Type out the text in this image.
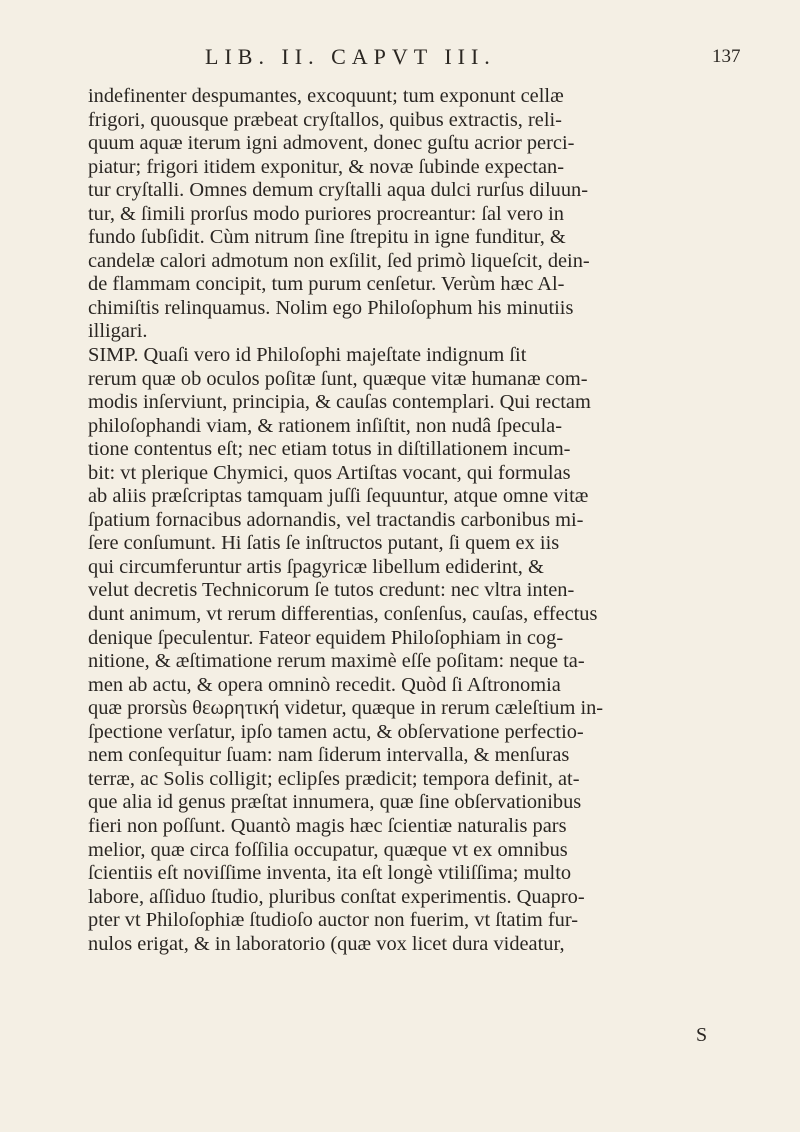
LIB. II. CAPVT III.	137
indefinenter despumantes, excoquunt; tum exponunt cellæ
frigori, quousque præbeat cryſtallos, quibus extractis, reli-
quum aquæ iterum igni admovent, donec guſtu acrior perci-
piatur; frigori itidem exponitur, & novæ ſubinde expectan-
tur cryſtalli. Omnes demum cryſtalli aqua dulci rurſus diluun-
tur, & ſimili prorſus modo puriores procreantur: ſal vero in
fundo ſubſidit. Cùm nitrum ſine ſtrepitu in igne funditur, &
candelæ calori admotum non exſilit, ſed primò liqueſcit, dein-
de flammam concipit, tum purum cenſetur. Verùm hæc Al-
chimiſtis relinquamus. Nolim ego Philoſophum his minutiis
illigari.
SIMP. Quaſi vero id Philoſophi majeſtate indignum ſit
rerum quæ ob oculos poſitæ ſunt, quæque vitæ humanæ com-
modis inſerviunt, principia, & cauſas contemplari. Qui rectam
philoſophandi viam, & rationem inſiſtit, non nudâ ſpecula-
tione contentus eſt; nec etiam totus in diſtillationem incum-
bit: vt plerique Chymici, quos Artiſtas vocant, qui formulas
ab aliis præſcriptas tamquam juſſi ſequuntur, atque omne vitæ
ſpatium fornacibus adornandis, vel tractandis carbonibus mi-
ſere conſumunt. Hi ſatis ſe inſtructos putant, ſi quem ex iis
qui circumferuntur artis ſpagyricæ libellum ediderint, &
velut decretis Technicorum ſe tutos credunt: nec vltra inten-
dunt animum, vt rerum differentias, conſenſus, cauſas, effectus
denique ſpeculentur. Fateor equidem Philoſophiam in cog-
nitione, & æſtimatione rerum maximè eſſe poſitam: neque ta-
men ab actu, & opera omninò recedit. Quòd ſi Aſtronomia
quæ prorsùs θεωρητική videtur, quæque in rerum cæleſtium in-
ſpectione verſatur, ipſo tamen actu, & obſervatione perfectio-
nem conſequitur ſuam: nam ſiderum intervalla, & menſuras
terræ, ac Solis colligit; eclipſes prædicit; tempora definit, at-
que alia id genus præſtat innumera, quæ ſine obſervationibus
fieri non poſſunt. Quantò magis hæc ſcientiæ naturalis pars
melior, quæ circa foſſilia occupatur, quæque vt ex omnibus
ſcientiis eſt noviſſime inventa, ita eſt longè vtiliſſima; multo
labore, aſſiduo ſtudio, pluribus conſtat experimentis. Quapro-
pter vt Philoſophiæ ſtudioſo auctor non fuerim, vt ſtatim fur-
nulos erigat, & in laboratorio (quæ vox licet dura videatur,
S
